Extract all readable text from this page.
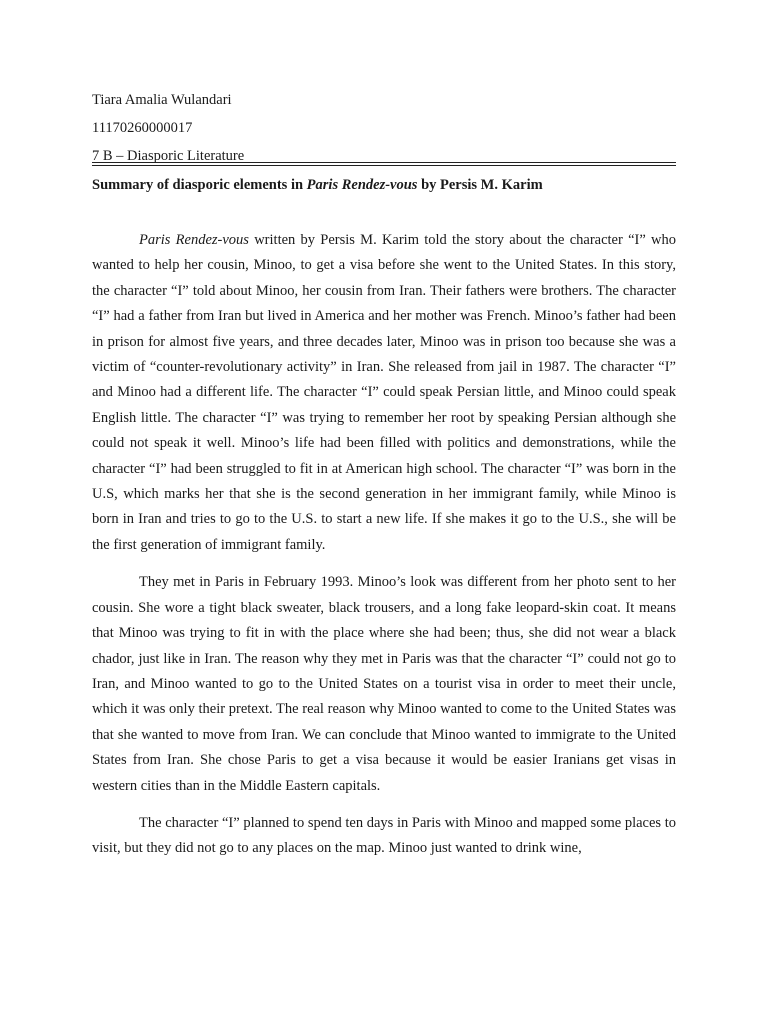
Tiara Amalia Wulandari
11170260000017
7 B – Diasporic Literature
Summary of diasporic elements in Paris Rendez-vous by Persis M. Karim

Paris Rendez-vous written by Persis M. Karim told the story about the character “I” who wanted to help her cousin, Minoo, to get a visa before she went to the United States. In this story, the character “I” told about Minoo, her cousin from Iran. Their fathers were brothers. The character “I” had a father from Iran but lived in America and her mother was French. Minoo’s father had been in prison for almost five years, and three decades later, Minoo was in prison too because she was a victim of “counter-revolutionary activity” in Iran. She released from jail in 1987. The character “I” and Minoo had a different life. The character “I” could speak Persian little, and Minoo could speak English little. The character “I” was trying to remember her root by speaking Persian although she could not speak it well. Minoo’s life had been filled with politics and demonstrations, while the character “I” had been struggled to fit in at American high school. The character “I” was born in the U.S, which marks her that she is the second generation in her immigrant family, while Minoo is born in Iran and tries to go to the U.S. to start a new life. If she makes it go to the U.S., she will be the first generation of immigrant family.

They met in Paris in February 1993. Minoo’s look was different from her photo sent to her cousin. She wore a tight black sweater, black trousers, and a long fake leopard-skin coat. It means that Minoo was trying to fit in with the place where she had been; thus, she did not wear a black chador, just like in Iran. The reason why they met in Paris was that the character “I” could not go to Iran, and Minoo wanted to go to the United States on a tourist visa in order to meet their uncle, which it was only their pretext. The real reason why Minoo wanted to come to the United States was that she wanted to move from Iran. We can conclude that Minoo wanted to immigrate to the United States from Iran. She chose Paris to get a visa because it would be easier Iranians get visas in western cities than in the Middle Eastern capitals.

The character “I” planned to spend ten days in Paris with Minoo and mapped some places to visit, but they did not go to any places on the map. Minoo just wanted to drink wine,
